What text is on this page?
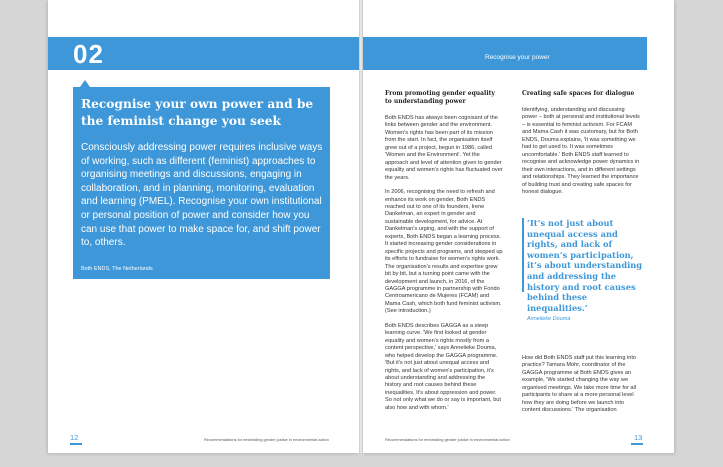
02
Recognise your own power and be the feminist change you seek

Consciously addressing power requires inclusive ways of working, such as different (feminist) approaches to organising meetings and discussions, engaging in collaboration, and in planning, monitoring, evaluation and learning (PMEL). Recognise your own institutional or personal position of power and consider how you can use that power to make space for, and shift power to, others.

Both ENDS, The Netherlands
12	Recommendations for embedding gender justice in environmental action
Recognise your power
From promoting gender equality to understanding power

Both ENDS has always been cognisant of the links between gender and the environment. Women's rights has been part of its mission from the start. In fact, the organisation itself grew out of a project, begun in 1986, called 'Women and the Environment'. Yet the approach and level of attention given to gender equality and women's rights has fluctuated over the years.

In 2006, recognising the need to refresh and enhance its work on gender, Both ENDS reached out to one of its founders, Irene Dankelman, an expert in gender and sustainable development, for advice. At Dankelman's urging, and with the support of experts, Both ENDS began a learning process. It started increasing gender considerations in specific projects and programs, and stepped up its efforts to fundraise for women's rights work. The organisation's results and expertise grew bit by bit, but a turning point came with the development and launch, in 2016, of the GAGGA programme in partnership with Fondo Centroamericano de Mujeres (FCAM) and Mama Cash, which both fund feminist activism. (See introduction.)

Both ENDS describes GAGGA as a steep learning curve. 'We first looked at gender equality and women's rights mostly from a content perspective,' says Annelieke Douma, who helped develop the GAGGA programme. 'But it's not just about unequal access and rights, and lack of women's participation, it's about understanding and addressing the history and root causes behind these inequalities. It's about oppression and power. So not only what we do or say is important, but also how and with whom.'

Creating safe spaces for dialogue

Identifying, understanding and discussing power – both at personal and institutional levels – is essential to feminist activism. For FCAM and Mama Cash it was customary, but for Both ENDS, Douma explains, 'It was something we had to get used to. It was sometimes uncomfortable.' Both ENDS staff learned to recognise and acknowledge power dynamics in their own interactions, and in different settings and relationships. They learned the importance of building trust and creating safe spaces for honest dialogue.

‘It’s not just about unequal access and rights, and lack of women’s participation, it’s about understanding and addressing the history and root causes behind these inequalities.’

Annelieke Douma

How did Both ENDS staff put this learning into practice? Tamara Mohr, coordinator of the GAGGA programme at Both ENDS gives an example, 'We started changing the way we organised meetings. We take more time for all participants to share at a more personal level how they are doing before we launch into content discussions.' The organisation

Recommendations for embedding gender justice in environmental action	13
